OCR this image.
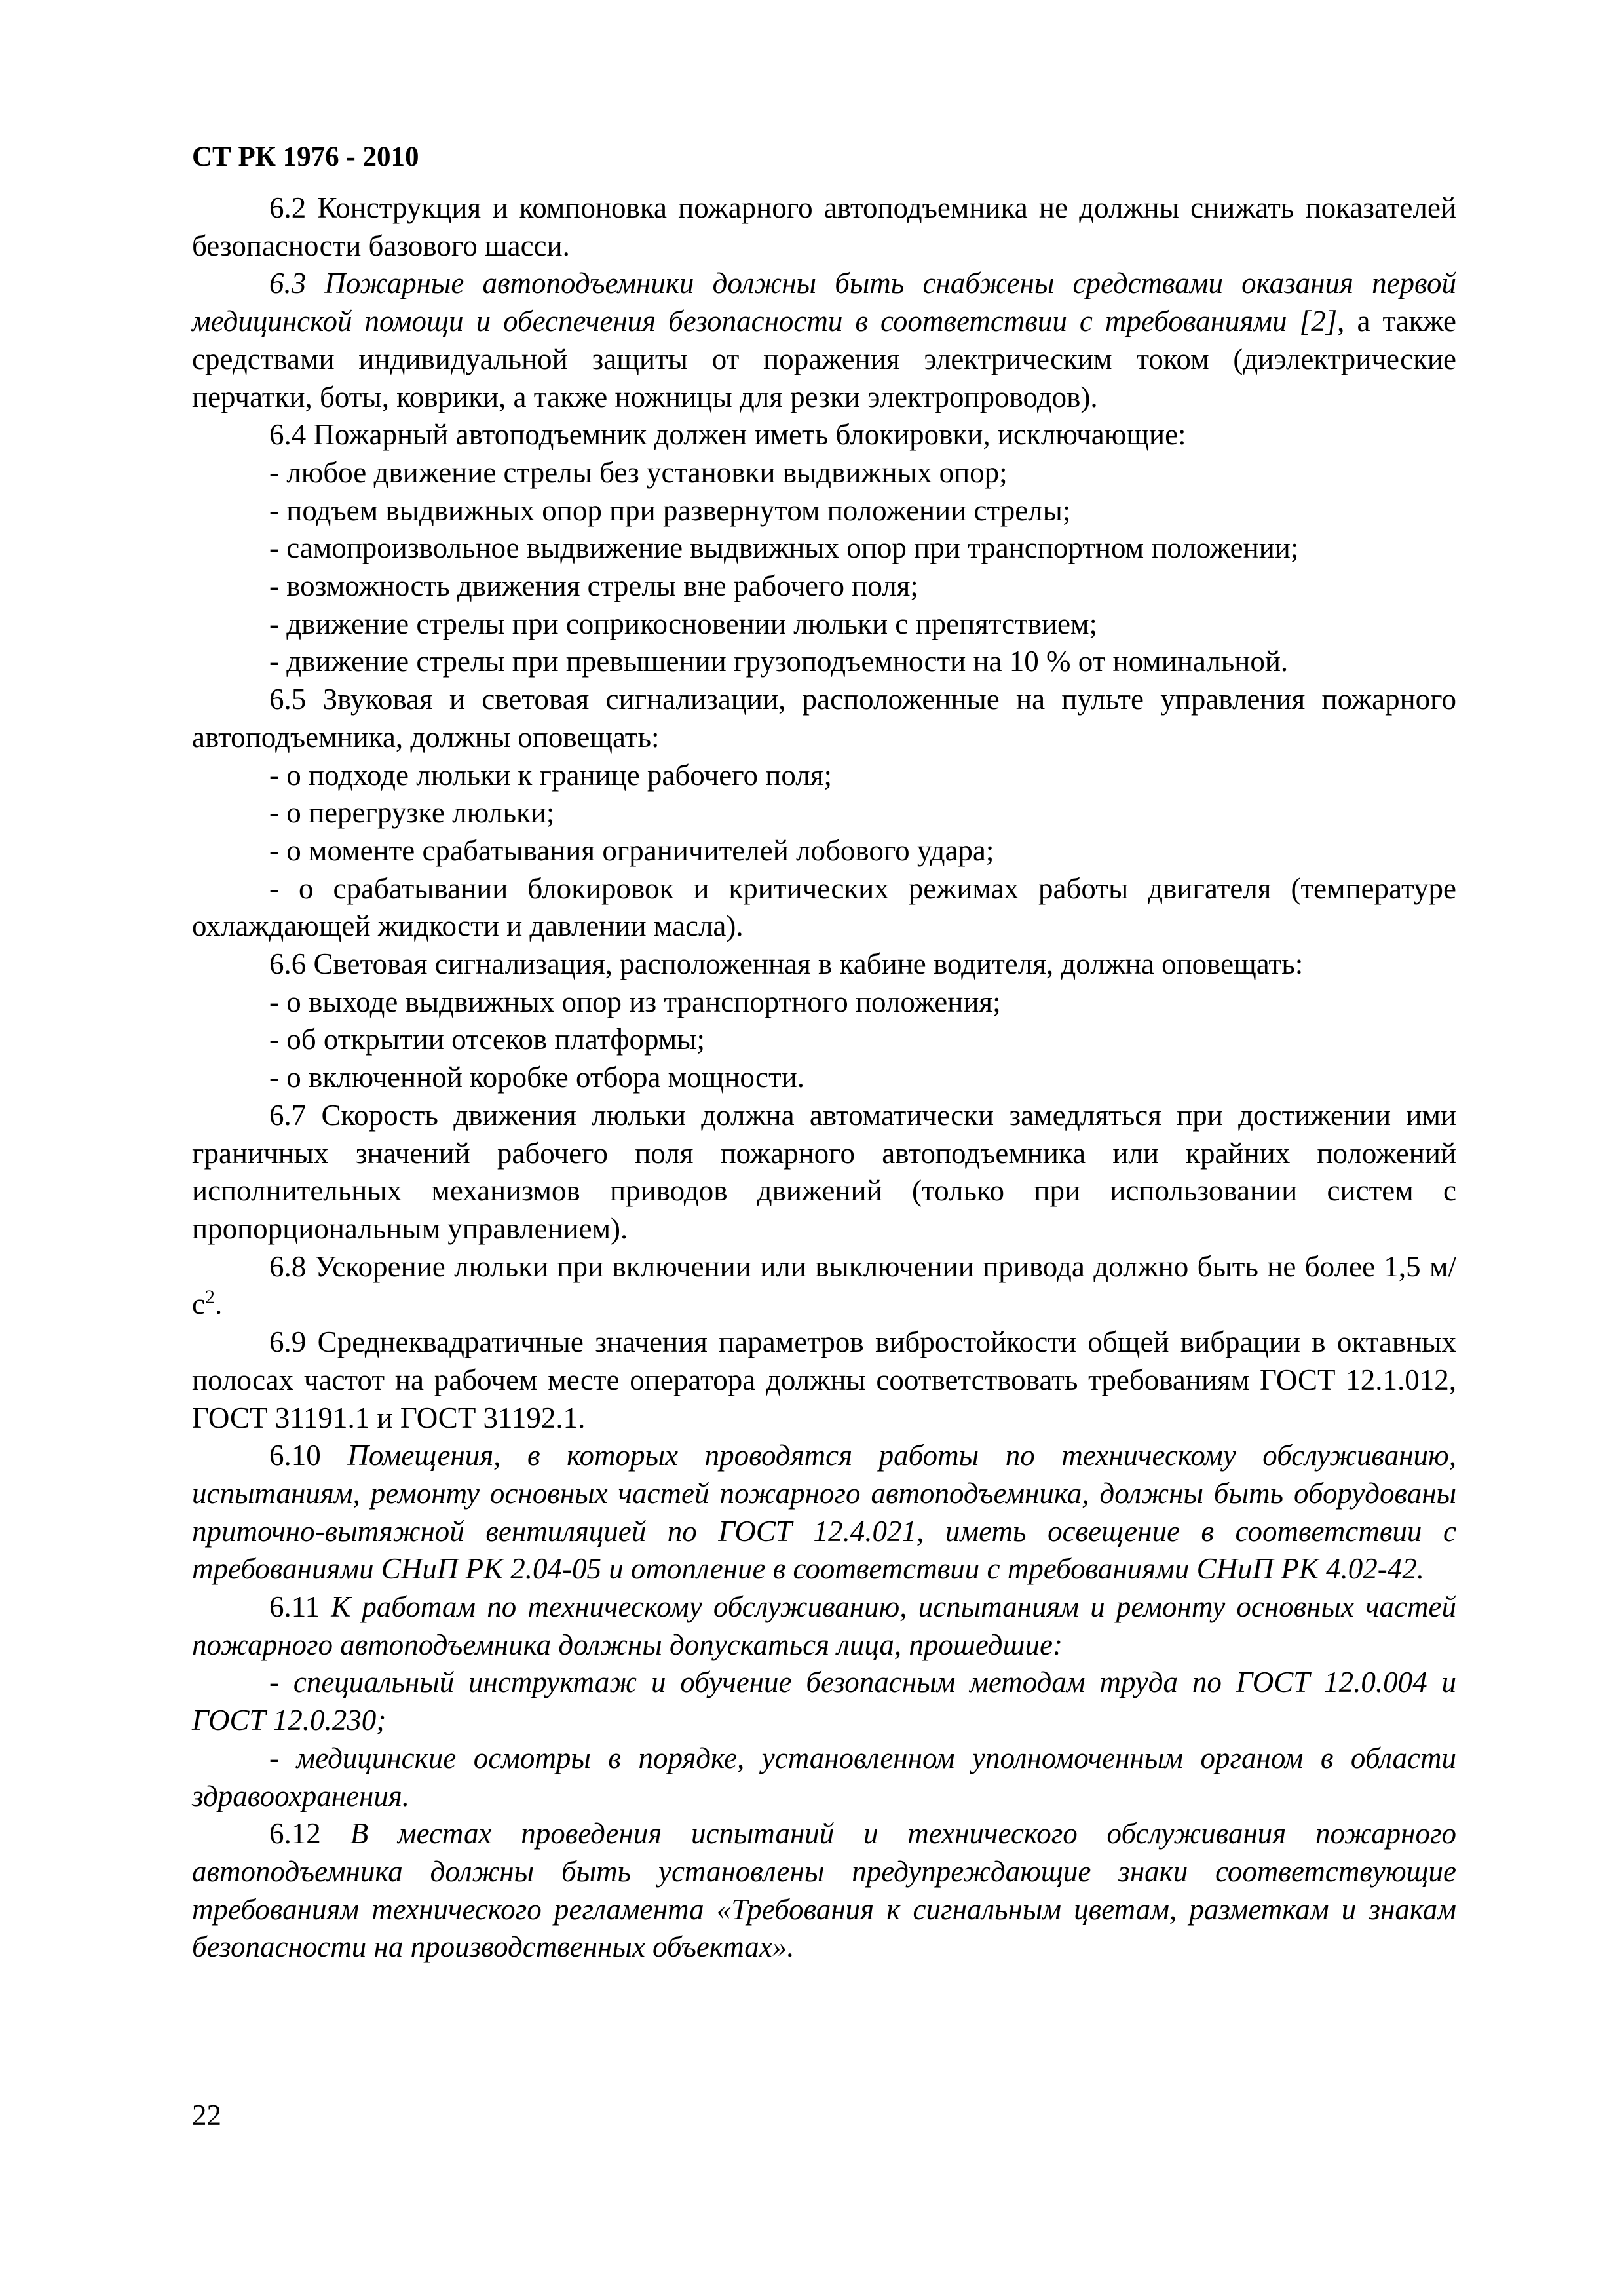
СТ РК 1976 - 2010

6.2 Конструкция и компоновка пожарного автоподъемника не должны снижать показателей безопасности базового шасси.

6.3 Пожарные автоподъемники должны быть снабжены средствами оказания первой медицинской помощи и обеспечения безопасности в соответствии с требованиями [2], а также средствами индивидуальной защиты от поражения электрическим током (диэлектрические перчатки, боты, коврики, а также ножницы для резки электропроводов).

6.4 Пожарный автоподъемник должен иметь блокировки, исключающие:

- любое движение стрелы без установки выдвижных опор;

- подъем выдвижных опор при развернутом положении стрелы;

- самопроизвольное выдвижение выдвижных опор при транспортном положении;

- возможность движения стрелы вне рабочего поля;

- движение стрелы при соприкосновении люльки с препятствием;

- движение стрелы при превышении грузоподъемности на 10 % от номинальной.

6.5 Звуковая и световая сигнализации, расположенные на пульте управления пожарного автоподъемника, должны оповещать:

- о подходе люльки к границе рабочего поля;

- о перегрузке люльки;

- о моменте срабатывания ограничителей лобового удара;

- о срабатывании блокировок и критических режимах работы двигателя (температуре охлаждающей жидкости и давлении масла).

6.6 Световая сигнализация, расположенная в кабине водителя, должна оповещать:

- о выходе выдвижных опор из транспортного положения;

- об открытии отсеков платформы;

- о включенной коробке отбора мощности.

6.7 Скорость движения люльки должна автоматически замедляться при достижении ими граничных значений рабочего поля пожарного автоподъемника или крайних положений исполнительных механизмов приводов движений (только при использовании систем с пропорциональным управлением).

6.8 Ускорение люльки при включении или выключении привода должно быть не более 1,5 $м/с^2$.

6.9 Среднеквадратичные значения параметров вибростойкости общей вибрации в октавных полосах частот на рабочем месте оператора должны соответствовать требованиям ГОСТ 12.1.012, ГОСТ 31191.1 и ГОСТ 31192.1.

6.10 Помещения, в которых проводятся работы по техническому обслуживанию, испытаниям, ремонту основных частей пожарного автоподъемника, должны быть оборудованы приточно-вытяжной вентиляцией по ГОСТ 12.4.021, иметь освещение в соответствии с требованиями СНиП РК 2.04-05 и отопление в соответствии с требованиями СНиП РК 4.02-42.

6.11 К работам по техническому обслуживанию, испытаниям и ремонту основных частей пожарного автоподъемника должны допускаться лица, прошедшие:

- специальный инструктаж и обучение безопасным методам труда по ГОСТ 12.0.004 и ГОСТ 12.0.230;

- медицинские осмотры в порядке, установленном уполномоченным органом в области здравоохранения.

6.12 В местах проведения испытаний и технического обслуживания пожарного автоподъемника должны быть установлены предупреждающие знаки соответствующие требованиям технического регламента «Требования к сигнальным цветам, разметкам и знакам безопасности на производственных объектах».

22
